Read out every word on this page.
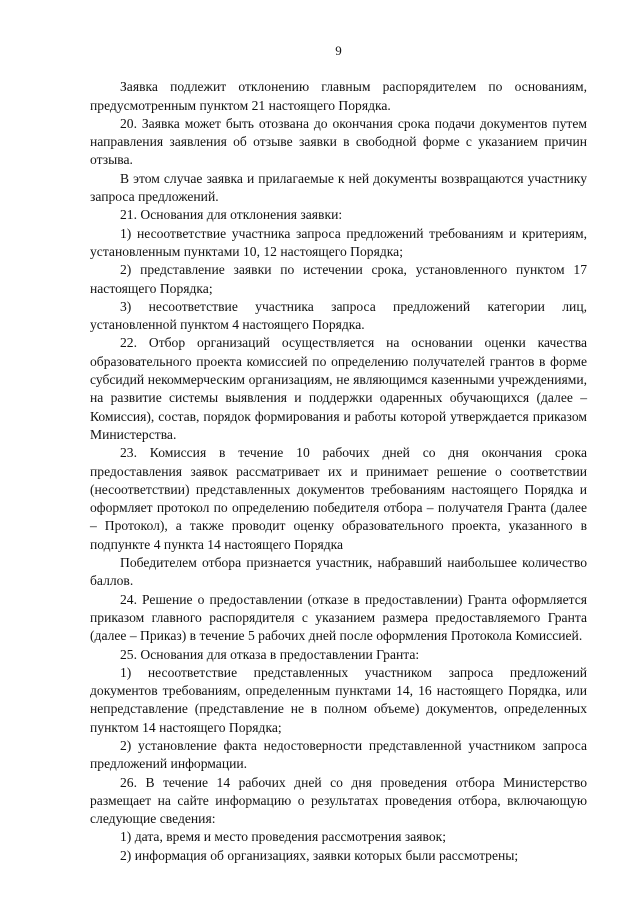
9

Заявка подлежит отклонению главным распорядителем по основаниям, предусмотренным пунктом 21 настоящего Порядка.

20. Заявка может быть отозвана до окончания срока подачи документов путем направления заявления об отзыве заявки в свободной форме с указанием причин отзыва.

В этом случае заявка и прилагаемые к ней документы возвращаются участнику запроса предложений.

21. Основания для отклонения заявки:

1) несоответствие участника запроса предложений требованиям и критериям, установленным пунктами 10, 12 настоящего Порядка;

2) представление заявки по истечении срока, установленного пунктом 17 настоящего Порядка;

3) несоответствие участника запроса предложений категории лиц, установленной пунктом 4 настоящего Порядка.

22. Отбор организаций осуществляется на основании оценки качества образовательного проекта комиссией по определению получателей грантов в форме субсидий некоммерческим организациям, не являющимся казенными учреждениями, на развитие системы выявления и поддержки одаренных обучающихся (далее – Комиссия), состав, порядок формирования и работы которой утверждается приказом Министерства.

23. Комиссия в течение 10 рабочих дней со дня окончания срока предоставления заявок рассматривает их и принимает решение о соответствии (несоответствии) представленных документов требованиям настоящего Порядка и оформляет протокол по определению победителя отбора – получателя Гранта (далее – Протокол), а также проводит оценку образовательного проекта, указанного в подпункте 4 пункта 14 настоящего Порядка

Победителем отбора признается участник, набравший наибольшее количество баллов.

24. Решение о предоставлении (отказе в предоставлении) Гранта оформляется приказом главного распорядителя с указанием размера предоставляемого Гранта (далее – Приказ) в течение 5 рабочих дней после оформления Протокола Комиссией.

25. Основания для отказа в предоставлении Гранта:

1) несоответствие представленных участником запроса предложений документов требованиям, определенным пунктами 14, 16 настоящего Порядка, или непредставление (представление не в полном объеме) документов, определенных пунктом 14 настоящего Порядка;

2) установление факта недостоверности представленной участником запроса предложений информации.

26. В течение 14 рабочих дней со дня проведения отбора Министерство размещает на сайте информацию о результатах проведения отбора, включающую следующие сведения:

1) дата, время и место проведения рассмотрения заявок;

2) информация об организациях, заявки которых были рассмотрены;
